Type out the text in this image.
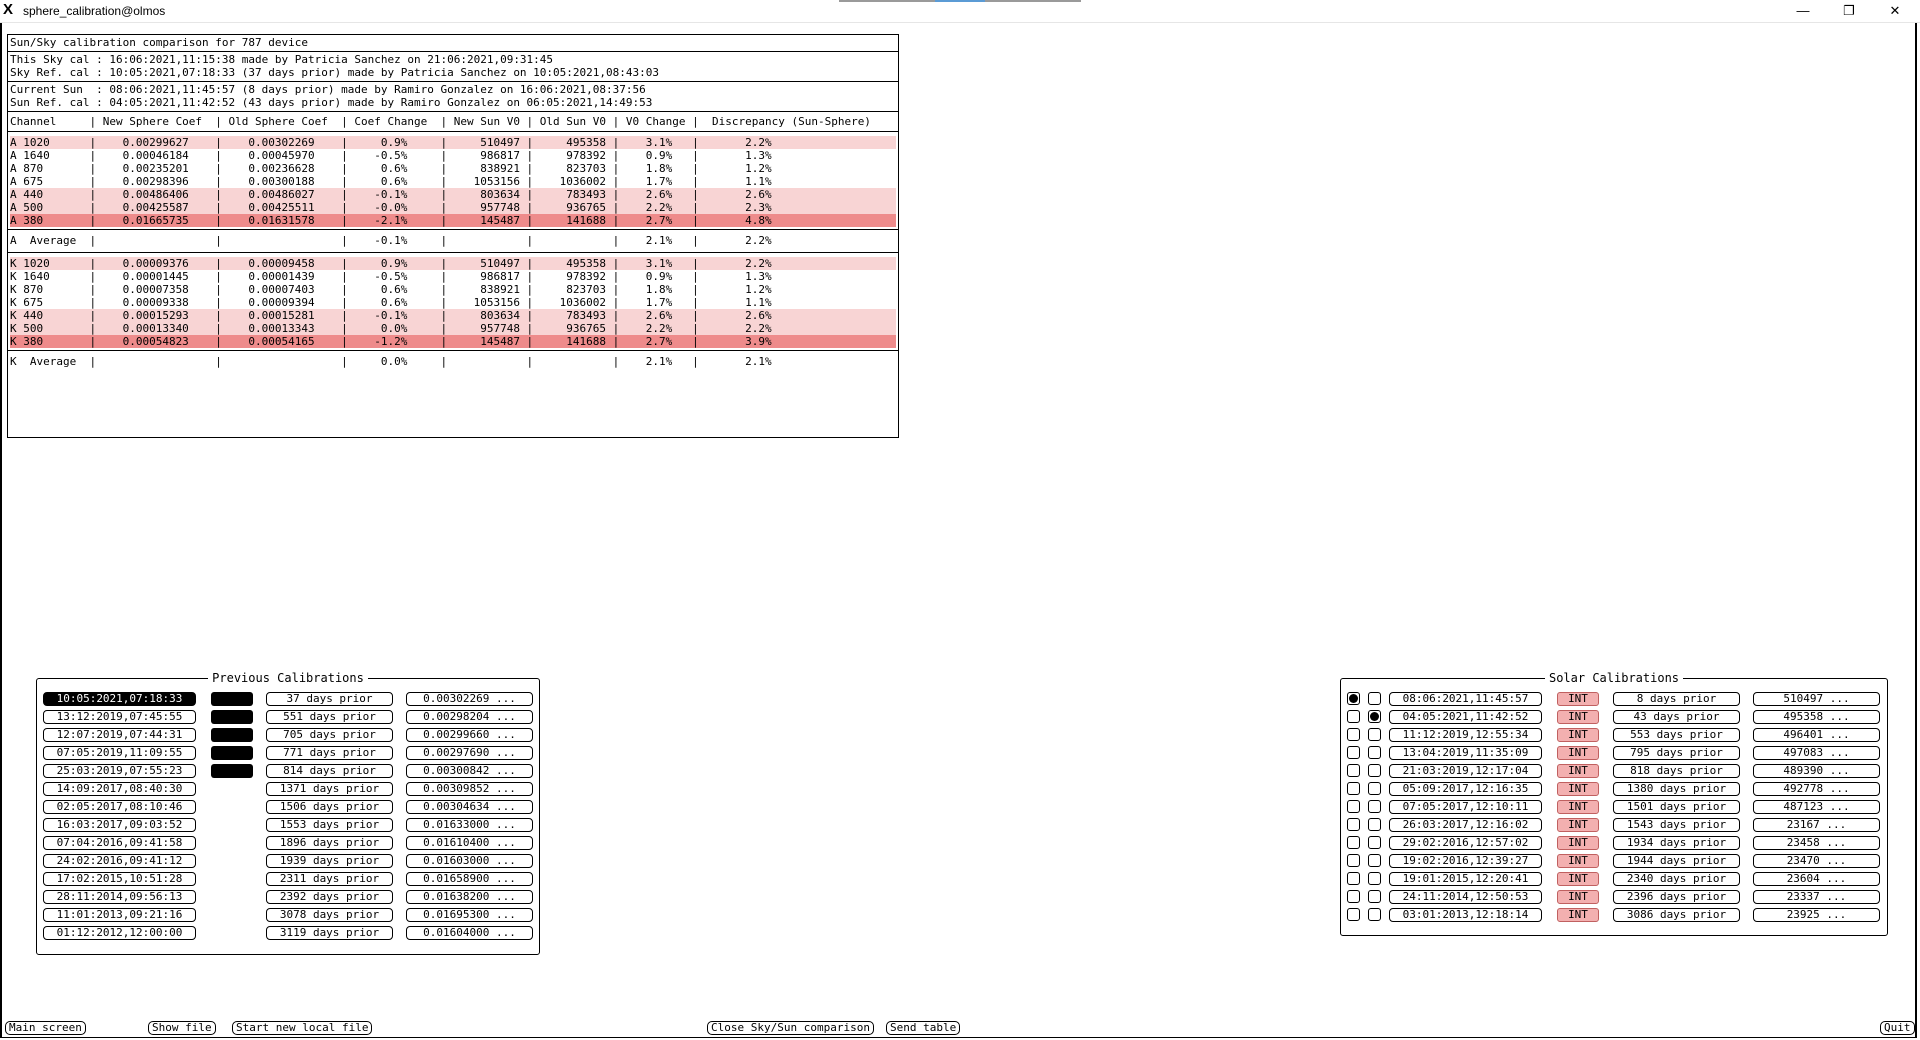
X sphere_calibration@olmos	—	❐	✕
Sun/Sky calibration comparison for 787 device
This Sky cal : 16:06:2021,11:15:38 made by Patricia Sanchez on 21:06:2021,09:31:45
Sky Ref. cal : 10:05:2021,07:18:33 (37 days prior) made by Patricia Sanchez on 10:05:2021,08:43:03
Current Sun  : 08:06:2021,11:45:57 (8 days prior) made by Ramiro Gonzalez on 16:06:2021,08:37:56
Sun Ref. cal : 04:05:2021,11:42:52 (43 days prior) made by Ramiro Gonzalez on 06:05:2021,14:49:53
Channel     | New Sphere Coef  | Old Sphere Coef  | Coef Change  | New Sun V0 | Old Sun V0 | V0 Change |  Discrepancy (Sun-Sphere)
A 1020      |    0.00299627    |    0.00302269    |     0.9%     |     510497 |     495358 |    3.1%   |       2.2%
A 1640      |    0.00046184    |    0.00045970    |    -0.5%     |     986817 |     978392 |    0.9%   |       1.3%
A 870       |    0.00235201    |    0.00236628    |     0.6%     |     838921 |     823703 |    1.8%   |       1.2%
A 675       |    0.00298396    |    0.00300188    |     0.6%     |    1053156 |    1036002 |    1.7%   |       1.1%
A 440       |    0.00486406    |    0.00486027    |    -0.1%     |     803634 |     783493 |    2.6%   |       2.6%
A 500       |    0.00425587    |    0.00425511    |    -0.0%     |     957748 |     936765 |    2.2%   |       2.3%
A 380       |    0.01665735    |    0.01631578    |    -2.1%     |     145487 |     141688 |    2.7%   |       4.8%
A  Average  |                  |                  |    -0.1%     |            |            |    2.1%   |       2.2%
K 1020      |    0.00009376    |    0.00009458    |     0.9%     |     510497 |     495358 |    3.1%   |       2.2%
K 1640      |    0.00001445    |    0.00001439    |    -0.5%     |     986817 |     978392 |    0.9%   |       1.3%
K 870       |    0.00007358    |    0.00007403    |     0.6%     |     838921 |     823703 |    1.8%   |       1.2%
K 675       |    0.00009338    |    0.00009394    |     0.6%     |    1053156 |    1036002 |    1.7%   |       1.1%
K 440       |    0.00015293    |    0.00015281    |    -0.1%     |     803634 |     783493 |    2.6%   |       2.6%
K 500       |    0.00013340    |    0.00013343    |     0.0%     |     957748 |     936765 |    2.2%   |       2.2%
K 380       |    0.00054823    |    0.00054165    |    -1.2%     |     145487 |     141688 |    2.7%   |       3.9%
K  Average  |                  |                  |     0.0%     |            |            |    2.1%   |       2.1%
Previous Calibrations
10:05:2021,07:18:33	37 days prior	0.00302269 ...
13:12:2019,07:45:55	551 days prior	0.00298204 ...
12:07:2019,07:44:31	705 days prior	0.00299660 ...
07:05:2019,11:09:55	771 days prior	0.00297690 ...
25:03:2019,07:55:23	814 days prior	0.00300842 ...
14:09:2017,08:40:30	1371 days prior	0.00309852 ...
02:05:2017,08:10:46	1506 days prior	0.00304634 ...
16:03:2017,09:03:52	1553 days prior	0.01633000 ...
07:04:2016,09:41:58	1896 days prior	0.01610400 ...
24:02:2016,09:41:12	1939 days prior	0.01603000 ...
17:02:2015,10:51:28	2311 days prior	0.01658900 ...
28:11:2014,09:56:13	2392 days prior	0.01638200 ...
11:01:2013,09:21:16	3078 days prior	0.01695300 ...
01:12:2012,12:00:00	3119 days prior	0.01604000 ...
Solar Calibrations
08:06:2021,11:45:57	INT	8 days prior	510497 ...
04:05:2021,11:42:52	INT	43 days prior	495358 ...
11:12:2019,12:55:34	INT	553 days prior	496401 ...
13:04:2019,11:35:09	INT	795 days prior	497083 ...
21:03:2019,12:17:04	INT	818 days prior	489390 ...
05:09:2017,12:16:35	INT	1380 days prior	492778 ...
07:05:2017,12:10:11	INT	1501 days prior	487123 ...
26:03:2017,12:16:02	INT	1543 days prior	23167 ...
29:02:2016,12:57:02	INT	1934 days prior	23458 ...
19:02:2016,12:39:27	INT	1944 days prior	23470 ...
19:01:2015,12:20:41	INT	2340 days prior	23604 ...
24:11:2014,12:50:53	INT	2396 days prior	23337 ...
03:01:2013,12:18:14	INT	3086 days prior	23925 ...
Main screen	Show file	Start new local file	Close Sky/Sun comparison	Send table	Quit
